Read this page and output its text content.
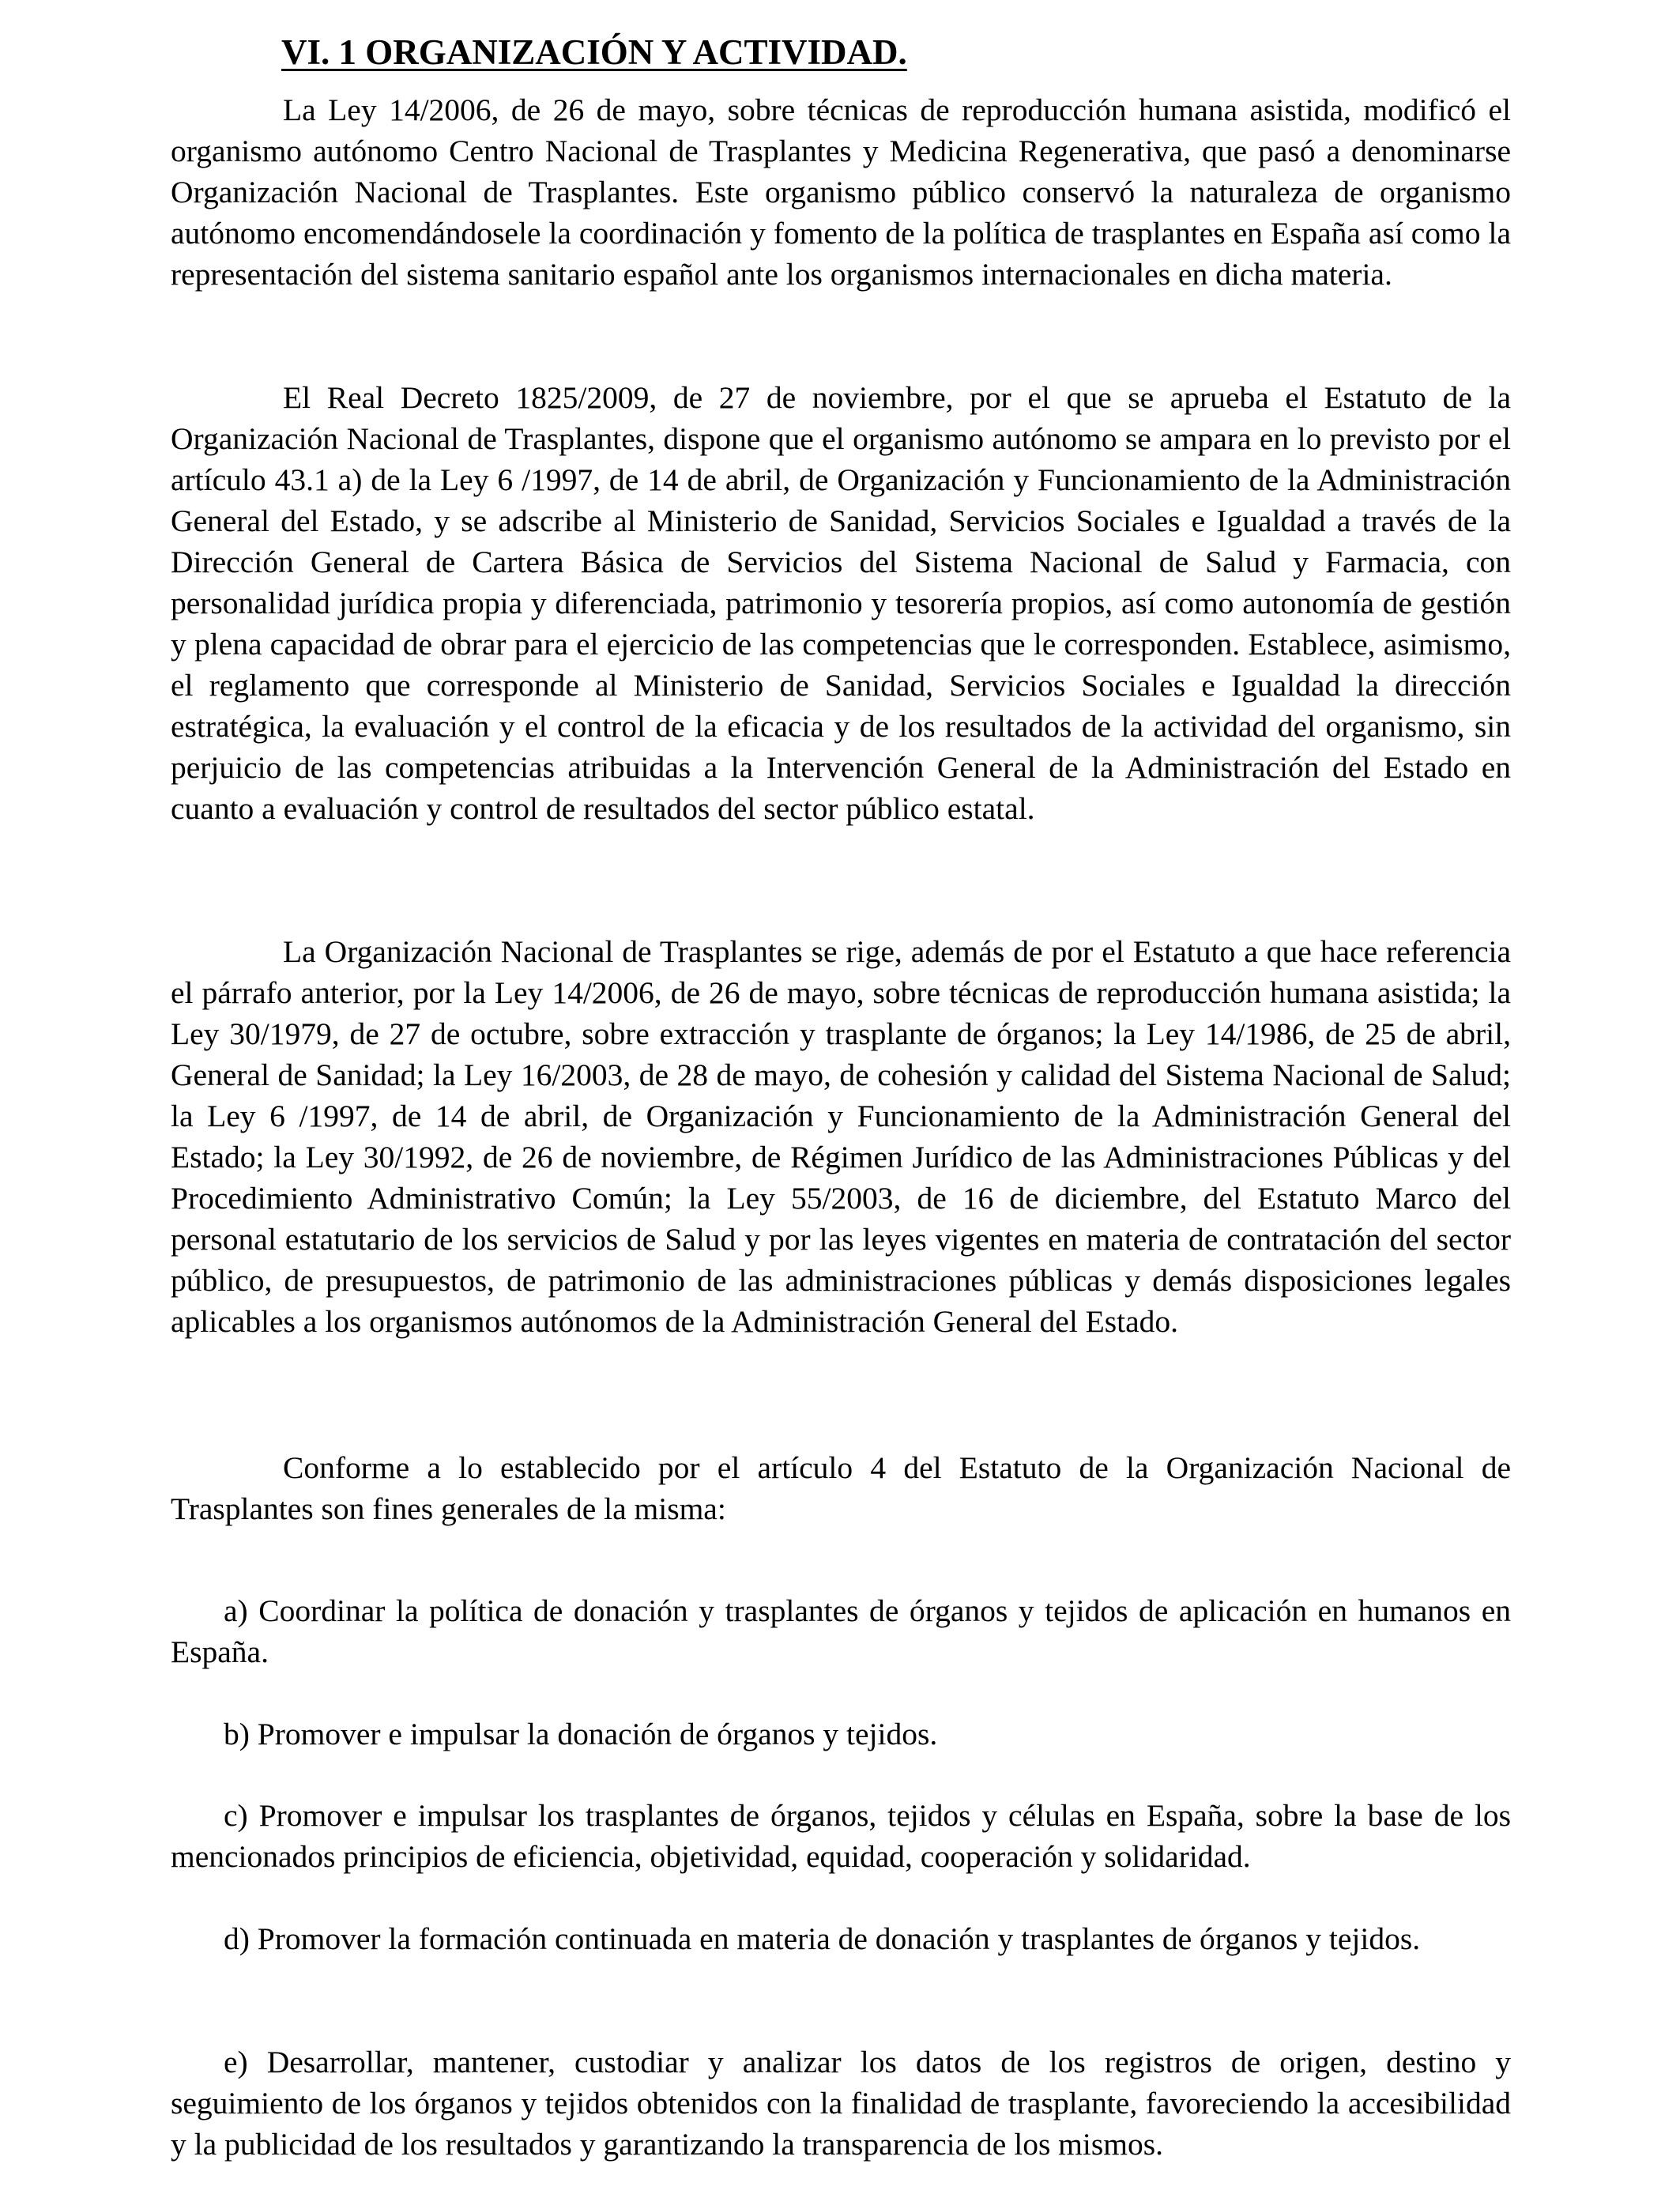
VI. 1 ORGANIZACIÓN Y ACTIVIDAD.

La Ley 14/2006, de 26 de mayo, sobre técnicas de reproducción humana asistida, modificó el organismo autónomo Centro Nacional de Trasplantes y Medicina Regenerativa, que pasó a denominarse Organización Nacional de Trasplantes. Este organismo público conservó la naturaleza de organismo autónomo encomendándosele la coordinación y fomento de la política de trasplantes en España así como la representación del sistema sanitario español ante los organismos internacionales en dicha materia.

El Real Decreto 1825/2009, de 27 de noviembre, por el que se aprueba el Estatuto de la Organización Nacional de Trasplantes, dispone que el organismo autónomo se ampara en lo previsto por el artículo 43.1 a) de la Ley 6 /1997, de 14 de abril, de Organización y Funcionamiento de la Administración General del Estado, y se adscribe al Ministerio de Sanidad, Servicios Sociales e Igualdad a través de la Dirección General de Cartera Básica de Servicios del Sistema Nacional de Salud y Farmacia, con personalidad jurídica propia y diferenciada, patrimonio y tesorería propios, así como autonomía de gestión y plena capacidad de obrar para el ejercicio de las competencias que le corresponden. Establece, asimismo, el reglamento que corresponde al Ministerio de Sanidad, Servicios Sociales e Igualdad la dirección estratégica, la evaluación y el control de la eficacia y de los resultados de la actividad del organismo, sin perjuicio de las competencias atribuidas a la Intervención General de la Administración del Estado en cuanto a evaluación y control de resultados del sector público estatal.

La Organización Nacional de Trasplantes se rige, además de por el Estatuto a que hace referencia el párrafo anterior, por la Ley 14/2006, de 26 de mayo, sobre técnicas de reproducción humana asistida; la Ley 30/1979, de 27 de octubre, sobre extracción y trasplante de órganos; la Ley 14/1986, de 25 de abril, General de Sanidad; la Ley 16/2003, de 28 de mayo, de cohesión y calidad del Sistema Nacional de Salud; la Ley 6 /1997, de 14 de abril, de Organización y Funcionamiento de la Administración General del Estado; la Ley 30/1992, de 26 de noviembre, de Régimen Jurídico de las Administraciones Públicas y del Procedimiento Administrativo Común; la Ley 55/2003, de 16 de diciembre, del Estatuto Marco del personal estatutario de los servicios de Salud y por las leyes vigentes en materia de contratación del sector público, de presupuestos, de patrimonio de las administraciones públicas y demás disposiciones legales aplicables a los organismos autónomos de la Administración General del Estado.

Conforme a lo establecido por el artículo 4 del Estatuto de la Organización Nacional de Trasplantes son fines generales de la misma:

a) Coordinar la política de donación y trasplantes de órganos y tejidos de aplicación en humanos en España.

b) Promover e impulsar la donación de órganos y tejidos.

c) Promover e impulsar los trasplantes de órganos, tejidos y células en España, sobre la base de los mencionados principios de eficiencia, objetividad, equidad, cooperación y solidaridad.

d) Promover la formación continuada en materia de donación y trasplantes de órganos y tejidos.

e) Desarrollar, mantener, custodiar y analizar los datos de los registros de origen, destino y seguimiento de los órganos y tejidos obtenidos con la finalidad de trasplante, favoreciendo la accesibilidad y la publicidad de los resultados y garantizando la transparencia de los mismos.
